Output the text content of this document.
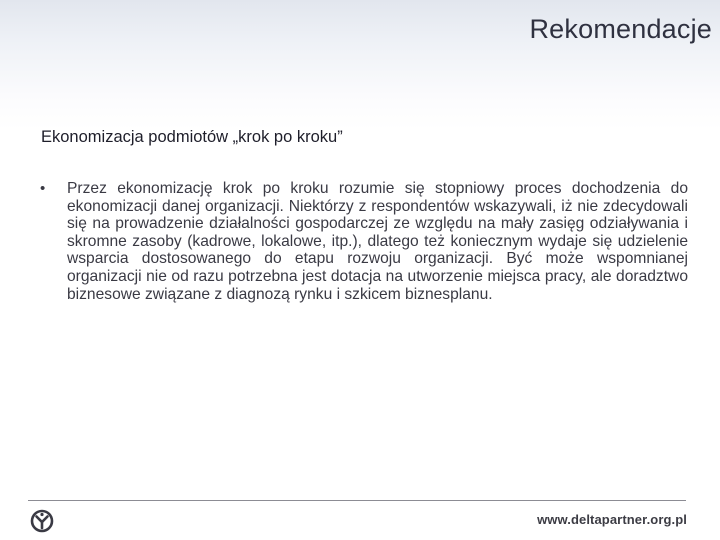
Rekomendacje
Ekonomizacja podmiotów „krok po kroku”
•	Przez ekonomizację krok po kroku rozumie się stopniowy proces dochodzenia do ekonomizacji danej organizacji. Niektórzy z respondentów wskazywali, iż nie zdecydowali się na prowadzenie działalności gospodarczej ze względu na mały zasięg odziaływania i skromne zasoby (kadrowe, lokalowe, itp.), dlatego też koniecznym wydaje się udzielenie wsparcia dostosowanego do etapu rozwoju organizacji. Być może wspomnianej organizacji nie od razu potrzebna jest dotacja na utworzenie miejsca pracy, ale doradztwo biznesowe związane z diagnozą rynku i szkicem biznesplanu.
www.deltapartner.org.pl
